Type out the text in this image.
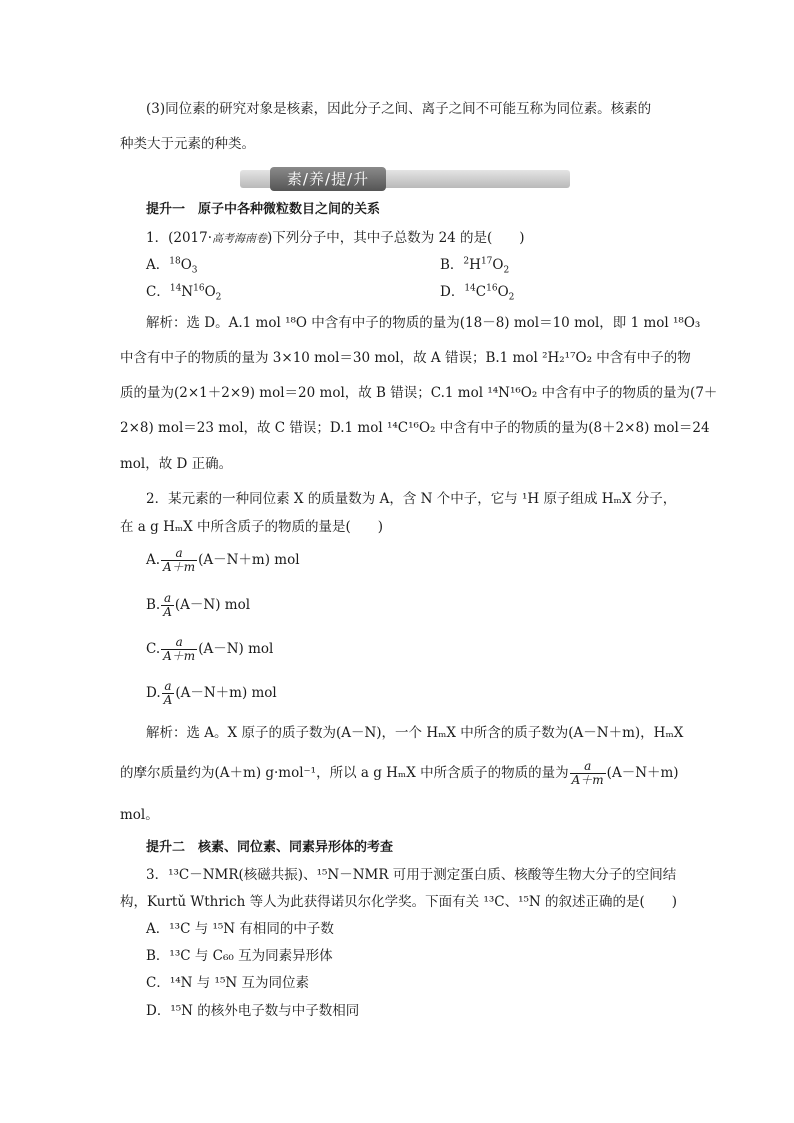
(3)同位素的研究对象是核素，因此分子之间、离子之间不可能互称为同位素。核素的
种类大于元素的种类。
素/养/提/升
提升一　原子中各种微粒数目之间的关系
1．(2017·高考海南卷)下列分子中，其中子总数为 24 的是(　　)
A．$^{18}O_3$	B．$^2H^{17}O_2$
C．$^{14}N^{16}O_2$	D．$^{14}C^{16}O_2$
解析：选 D。A.1 mol ¹⁸O 中含有中子的物质的量为(18－8) mol＝10 mol，即 1 mol ¹⁸O₃
中含有中子的物质的量为 3×10 mol＝30 mol，故 A 错误；B.1 mol ²H₂¹⁷O₂ 中含有中子的物
质的量为(2×1＋2×9) mol＝20 mol，故 B 错误；C.1 mol ¹⁴N¹⁶O₂ 中含有中子的物质的量为(7＋
2×8) mol＝23 mol，故 C 错误；D.1 mol ¹⁴C¹⁶O₂ 中含有中子的物质的量为(8＋2×8) mol＝24
mol，故 D 正确。
2．某元素的一种同位素 X 的质量数为 A，含 N 个中子，它与 ¹H 原子组成 HₘX 分子，
在 a g HₘX 中所含质子的物质的量是(　　)
A. $\frac{a}{A+m} (A-N+m)$ mol
B. $\frac{a}{A} (A-N)$ mol
C. $\frac{a}{A+m} (A-N)$ mol
D. $\frac{a}{A} (A-N+m)$ mol
解析：选 A。X 原子的质子数为(A－N)，一个 HₘX 中所含的质子数为(A－N＋m)，HₘX
的摩尔质量约为(A＋m) g·mol⁻¹，所以 a g HₘX 中所含质子的物质的量为 $\frac{a}{A+m} (A-N+m)$
mol。
提升二　核素、同位素、同素异形体的考查
3．¹³C－NMR(核磁共振)、¹⁵N－NMR 可用于测定蛋白质、核酸等生物大分子的空间结
构，Kurtǔ Wthrich 等人为此获得诺贝尔化学奖。下面有关 ¹³C、¹⁵N 的叙述正确的是(　　)
A．¹³C 与 ¹⁵N 有相同的中子数
B．¹³C 与 C₆₀ 互为同素异形体
C．¹⁴N 与 ¹⁵N 互为同位素
D．¹⁵N 的核外电子数与中子数相同
